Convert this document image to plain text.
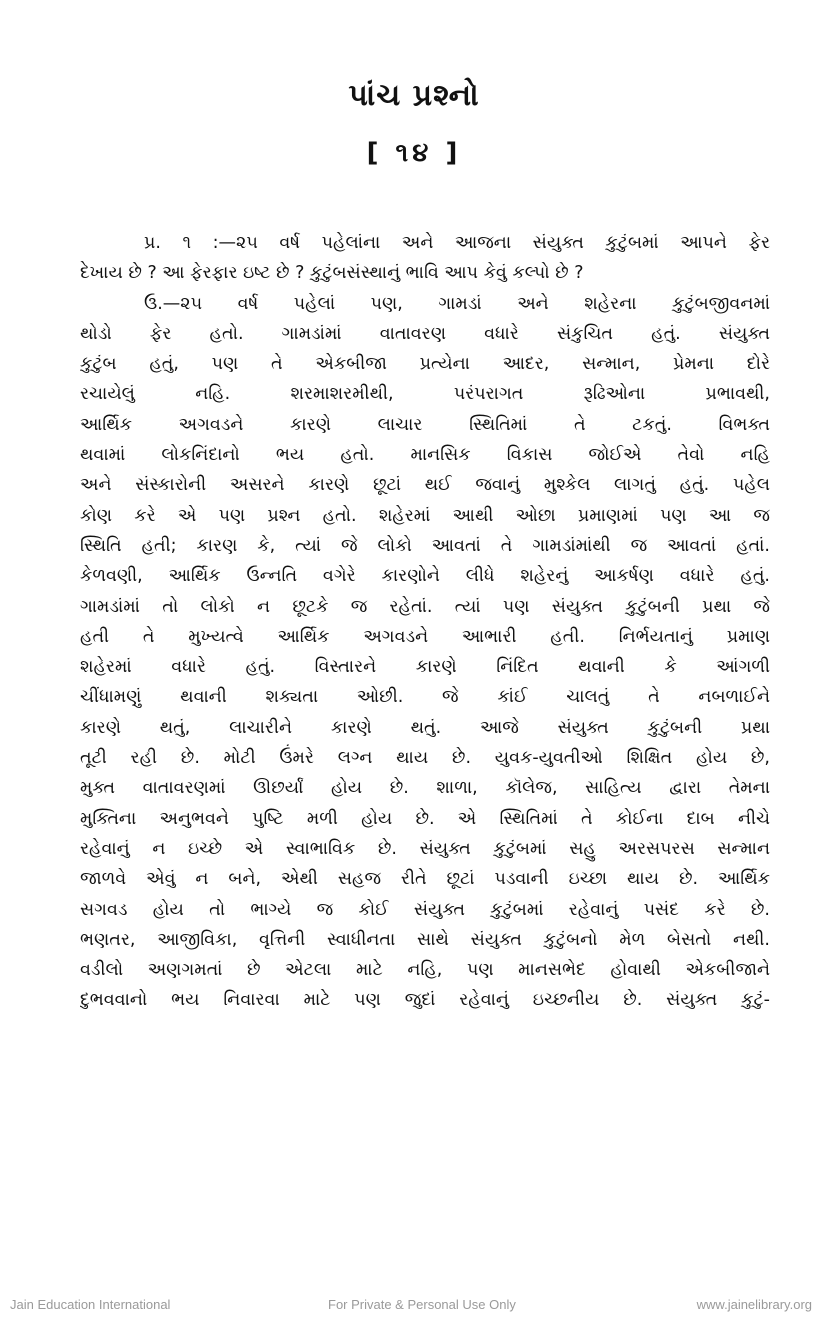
પાંચ પ્રશ્નો
[ ૧૪ ]
પ્ર. ૧ :—૨૫ વર્ષ પહેલાંના અને આજના સંયુક્ત કુટુંબમાં આપને ફેર
દેખાય છે ? આ ફેરફાર ઇષ્ટ છે ? કુટુંબસંસ્થાનું ભાવિ આપ કેવું કલ્પો છે ?
ઉ.—૨૫ વર્ષ પહેલાં પણ, ગામડાં અને શહેરના કુટુંબજીવનમાં
થોડો ફેર હતો. ગામડાંમાં વાતાવરણ વધારે સંકુચિત હતું. સંયુક્ત
કુટુંબ હતું, પણ તે એકબીજા પ્રત્યેના આદર, સન્માન, પ્રેમના દોરે
રચાયેલું નહિ. શરમાશરમીથી, પરંપરાગત રૂઢિઓના પ્રભાવથી,
આર્થિક અગવડને કારણે લાચાર સ્થિતિમાં તે ટકતું. વિભક્ત
થવામાં લોકનિંદાનો ભય હતો. માનસિક વિકાસ જોઈએ તેવો નહિ
અને સંસ્કારોની અસરને કારણે છૂટાં થઈ જવાનું મુશ્કેલ લાગતું હતું. પહેલ
કોણ કરે એ પણ પ્રશ્ન હતો. શહેરમાં આથી ઓછા પ્રમાણમાં પણ આ જ
સ્થિતિ હતી; કારણ કે, ત્યાં જે લોકો આવતાં તે ગામડાંમાંથી જ આવતાં હતાં.
કેળવણી, આર્થિક ઉન્નતિ વગેરે કારણોને લીધે શહેરનું આકર્ષણ વધારે હતું.
ગામડાંમાં તો લોકો ન છૂટકે જ રહેતાં. ત્યાં પણ સંયુક્ત કુટુંબની પ્રથા જે
હતી તે મુખ્યત્વે આર્થિક અગવડને આભારી હતી. નિર્ભયતાનું પ્રમાણ
શહેરમાં વધારે હતું. વિસ્તારને કારણે નિંદિત થવાની કે આંગળી
ચીંધામણું થવાની શક્યતા ઓછી. જે કાંઈ ચાલતું તે નબળાઈને
કારણે થતું, લાચારીને કારણે થતું. આજે સંયુક્ત કુટુંબની પ્રથા
તૂટી રહી છે. મોટી ઉંમરે લગ્ન થાય છે. યુવક-યુવતીઓ શિક્ષિત હોય છે,
મુક્ત વાતાવરણમાં ઊછર્યાં હોય છે. શાળા, કૉલેજ, સાહિત્ય દ્વારા તેમના
મુક્તિના અનુભવને પુષ્ટિ મળી હોય છે. એ સ્થિતિમાં તે કોઈના દાબ નીચે
રહેવાનું ન ઇચ્છે એ સ્વાભાવિક છે. સંયુક્ત કુટુંબમાં સહુ અરસપરસ સન્માન
જાળવે એવું ન બને, એથી સહજ રીતે છૂટાં પડવાની ઇચ્છા થાય છે. આર્થિક
સગવડ હોય તો ભાગ્યે જ કોઈ સંયુક્ત કુટુંબમાં રહેવાનું પસંદ કરે છે.
ભણતર, આજીવિકા, વૃત્તિની સ્વાધીનતા સાથે સંયુક્ત કુટુંબનો મેળ બેસતો નથી.
વડીલો અણગમતાં છે એટલા માટે નહિ, પણ માનસભેદ હોવાથી એકબીજાને
દુભવવાનો ભય નિવારવા માટે પણ જુદાં રહેવાનું ઇચ્છનીય છે. સંયુક્ત કુટું-
Jain Education International	For Private & Personal Use Only	www.jainelibrary.org
